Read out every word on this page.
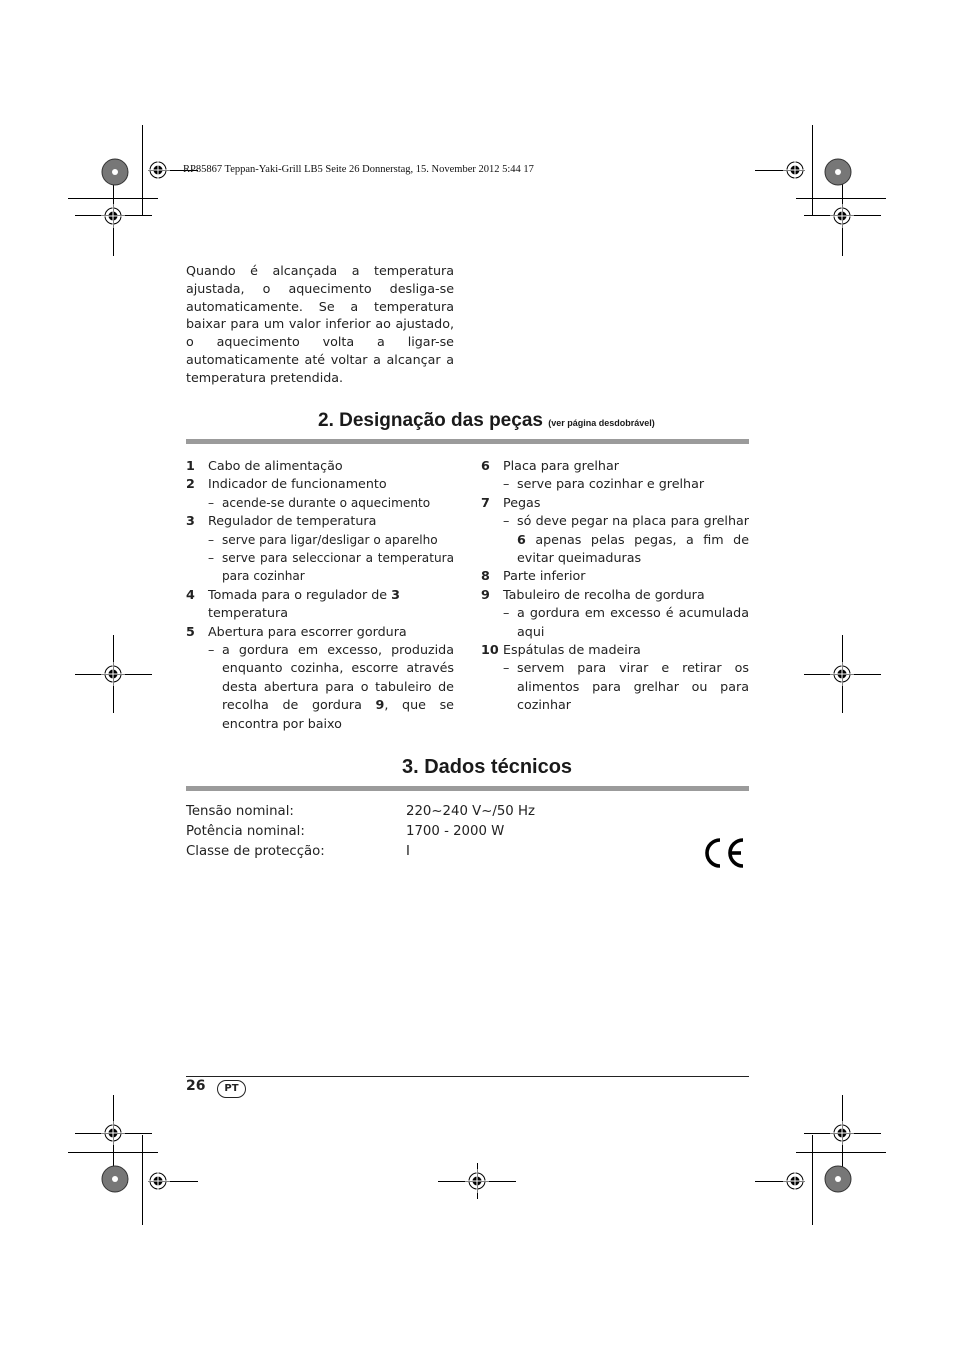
RP85867 Teppan-Yaki-Grill LB5 Seite 26 Donnerstag, 15. November 2012 5:44 17
Quando é alcançada a temperatura ajustada, o aquecimento desliga-se automaticamente. Se a temperatura baixar para um valor inferior ao ajustado, o aquecimento volta a ligar-se automaticamente até voltar a alcançar a temperatura pretendida.
2. Designação das peças (ver página desdobrável)
1 Cabo de alimentação
2 Indicador de funcionamento
– acende-se durante o aquecimento
3 Regulador de temperatura
– serve para ligar/desligar o aparelho
– serve para seleccionar a temperatura para cozinhar
4 Tomada para o regulador de 3 temperatura
5 Abertura para escorrer gordura
– a gordura em excesso, produzida enquanto cozinha, escorre através desta abertura para o tabuleiro de recolha de gordura 9, que se encontra por baixo
6 Placa para grelhar
– serve para cozinhar e grelhar
7 Pegas
– só deve pegar na placa para grelhar 6 apenas pelas pegas, a fim de evitar queimaduras
8 Parte inferior
9 Tabuleiro de recolha de gordura
– a gordura em excesso é acumulada aqui
10 Espátulas de madeira
– servem para virar e retirar os alimentos para grelhar ou para cozinhar
3. Dados técnicos
Tensão nominal:	220~240 V~/50 Hz
Potência nominal:	1700 - 2000 W
Classe de protecção:	I
26	PT
